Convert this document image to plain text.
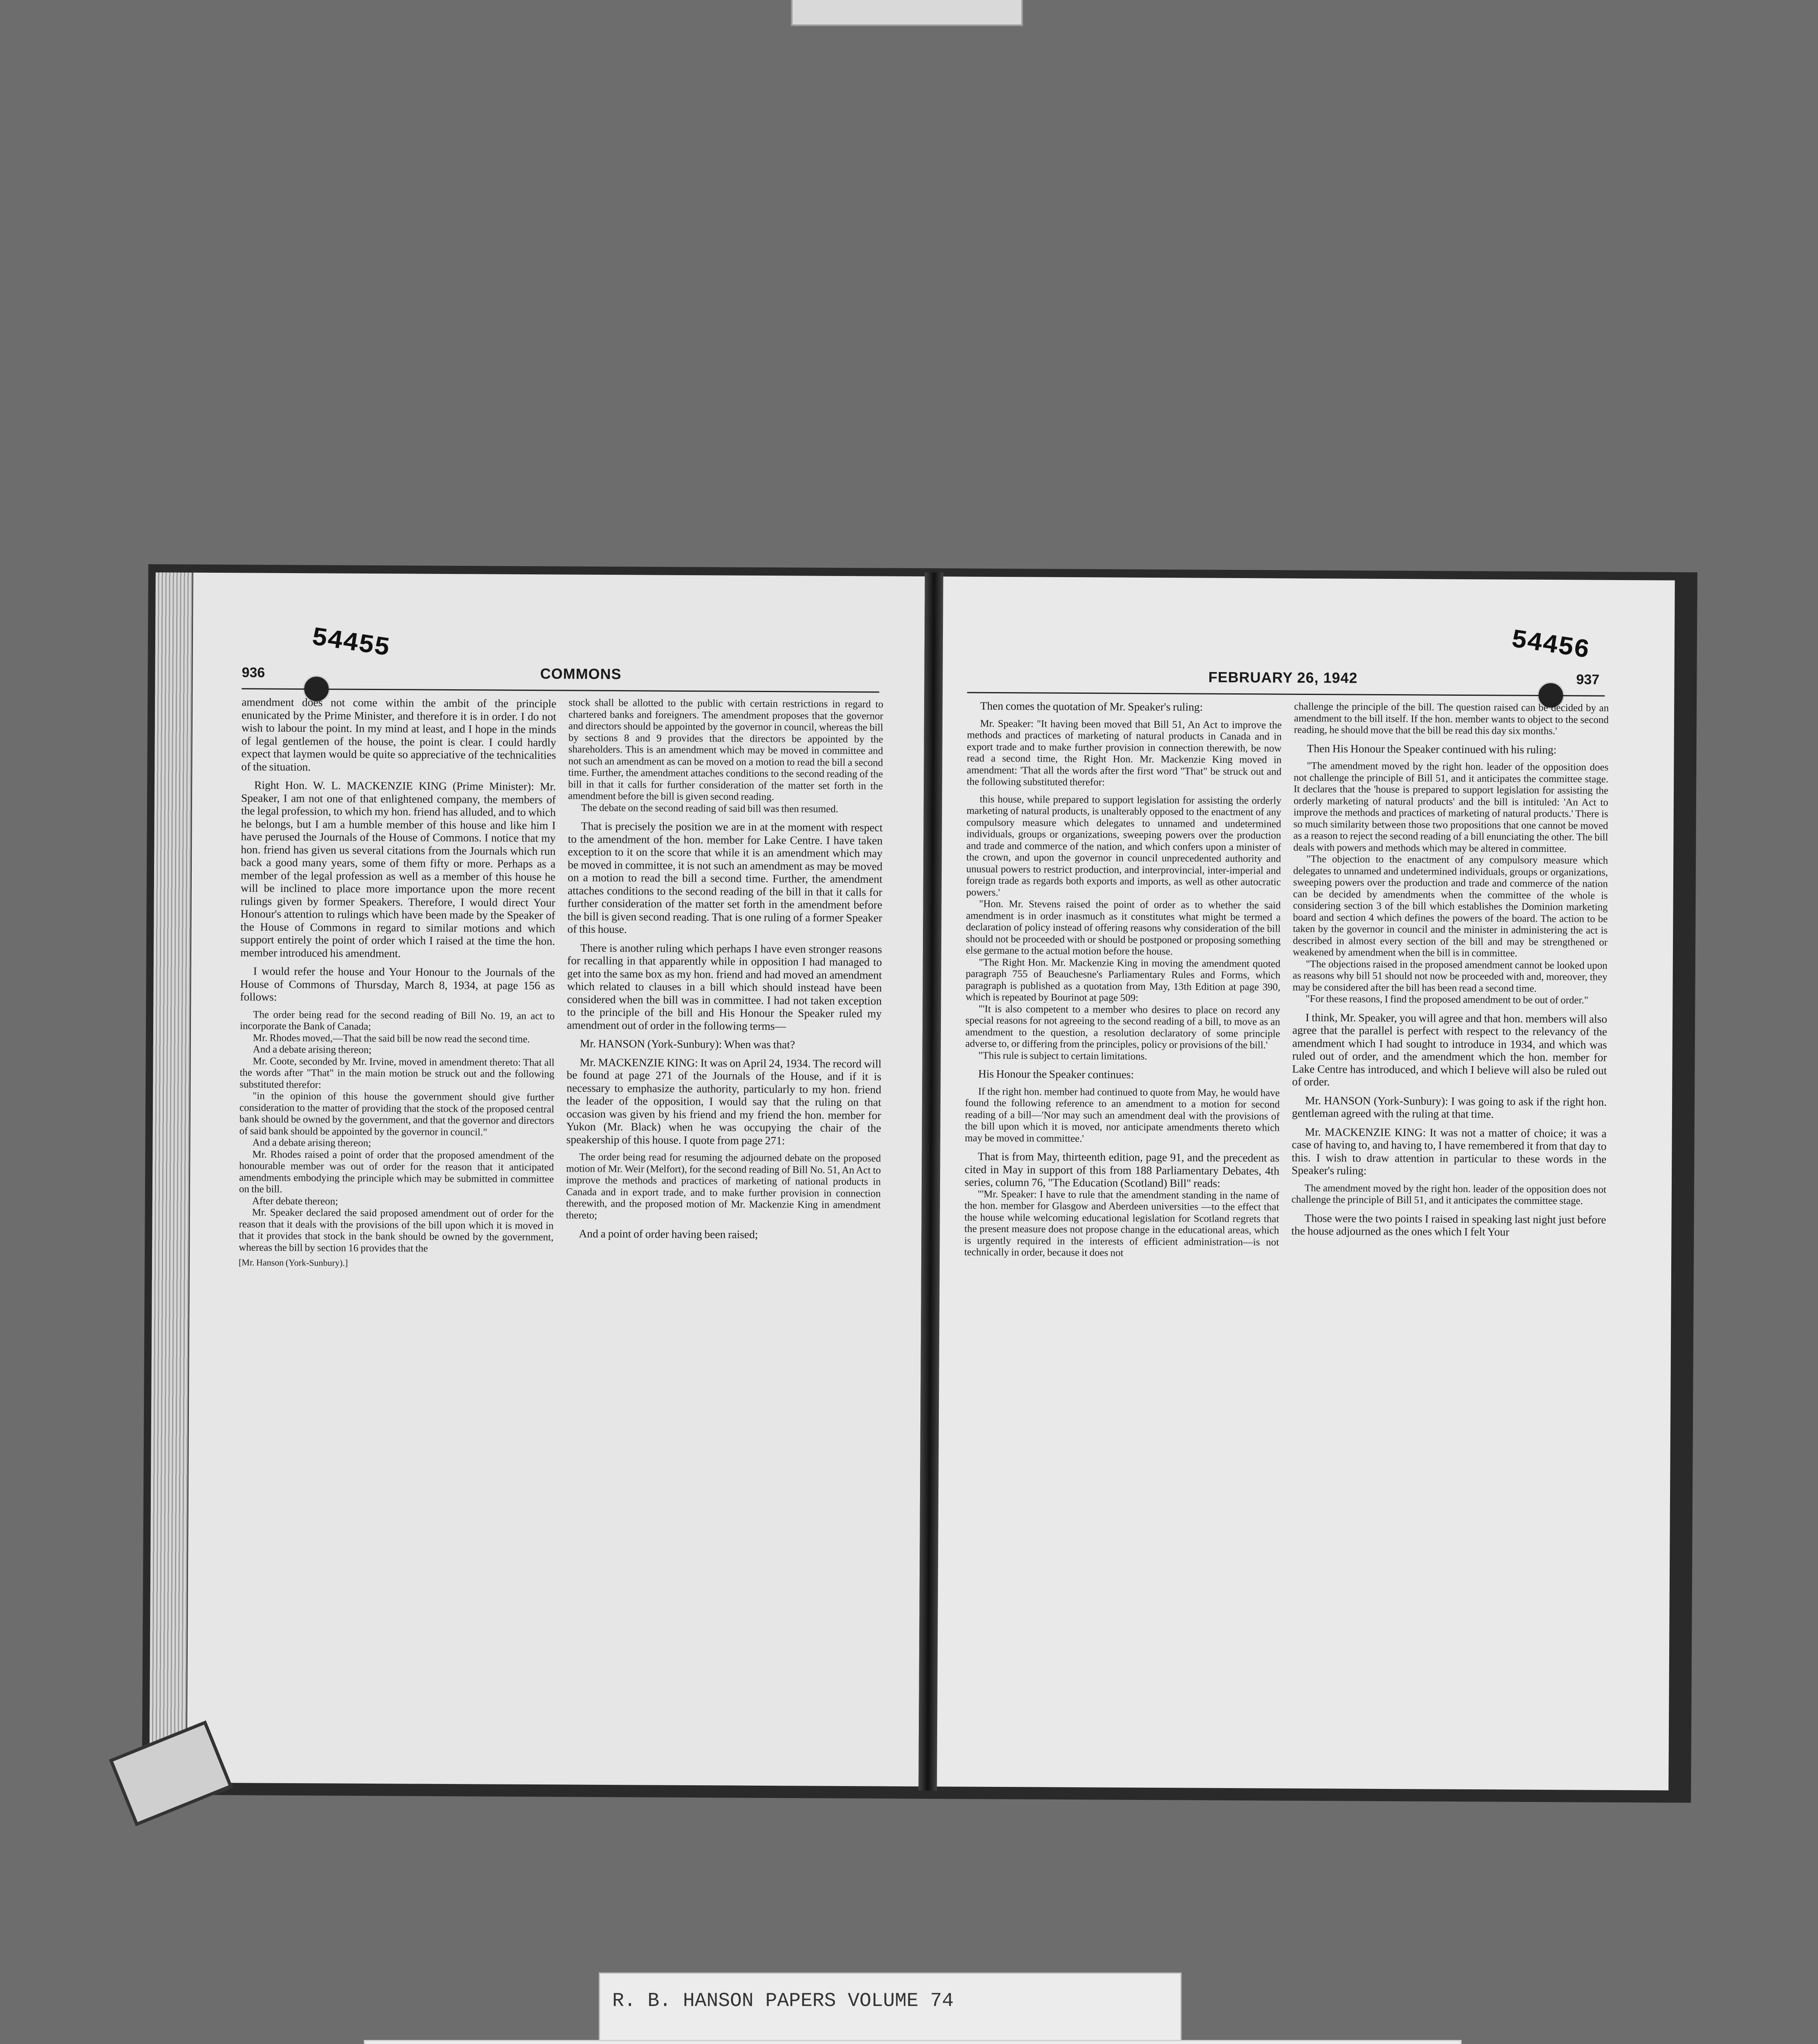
54455
936	COMMONS

amendment does not come within the ambit of the principle enunicated by the Prime Minister, and therefore it is in order. I do not wish to labour the point. In my mind at least, and I hope in the minds of legal gentlemen of the house, the point is clear. I could hardly expect that laymen would be quite so appreciative of the technicalities of the situation.

Right Hon. W. L. MACKENZIE KING (Prime Minister): Mr. Speaker, I am not one of that enlightened company, the members of the legal profession, to which my hon. friend has alluded, and to which he belongs, but I am a humble member of this house and like him I have perused the Journals of the House of Commons. I notice that my hon. friend has given us several citations from the Journals which run back a good many years, some of them fifty or more. Perhaps as a member of the legal profession as well as a member of this house he will be inclined to place more importance upon the more recent rulings given by former Speakers. Therefore, I would direct Your Honour's attention to rulings which have been made by the Speaker of the House of Commons in regard to similar motions and which support entirely the point of order which I raised at the time the hon. member introduced his amendment.

I would refer the house and Your Honour to the Journals of the House of Commons of Thursday, March 8, 1934, at page 156 as follows:

The order being read for the second reading of Bill No. 19, an act to incorporate the Bank of Canada;

Mr. Rhodes moved,—That the said bill be now read the second time.

And a debate arising thereon;

Mr. Coote, seconded by Mr. Irvine, moved in amendment thereto: That all the words after "That" in the main motion be struck out and the following substituted therefor:

"in the opinion of this house the government should give further consideration to the matter of providing that the stock of the proposed central bank should be owned by the government, and that the governor and directors of said bank should be appointed by the governor in council."

And a debate arising thereon;

Mr. Rhodes raised a point of order that the proposed amendment of the honourable member was out of order for the reason that it anticipated amendments embodying the principle which may be submitted in committee on the bill.

After debate thereon;

Mr. Speaker declared the said proposed amendment out of order for the reason that it deals with the provisions of the bill upon which it is moved in that it provides that stock in the bank should be owned by the government, whereas the bill by section 16 provides that the

[Mr. Hanson (York-Sunbury).]

stock shall be allotted to the public with certain restrictions in regard to chartered banks and foreigners. The amendment proposes that the governor and directors should be appointed by the governor in council, whereas the bill by sections 8 and 9 provides that the directors be appointed by the shareholders. This is an amendment which may be moved in committee and not such an amendment as can be moved on a motion to read the bill a second time. Further, the amendment attaches conditions to the second reading of the bill in that it calls for further consideration of the matter set forth in the amendment before the bill is given second reading.

The debate on the second reading of said bill was then resumed.

That is precisely the position we are in at the moment with respect to the amendment of the hon. member for Lake Centre. I have taken exception to it on the score that while it is an amendment which may be moved in committee, it is not such an amendment as may be moved on a motion to read the bill a second time. Further, the amendment attaches conditions to the second reading of the bill in that it calls for further consideration of the matter set forth in the amendment before the bill is given second reading. That is one ruling of a former Speaker of this house.

There is another ruling which perhaps I have even stronger reasons for recalling in that apparently while in opposition I had managed to get into the same box as my hon. friend and had moved an amendment which related to clauses in a bill which should instead have been considered when the bill was in committee. I had not taken exception to the principle of the bill and His Honour the Speaker ruled my amendment out of order in the following terms—

Mr. HANSON (York-Sunbury): When was that?

Mr. MACKENZIE KING: It was on April 24, 1934. The record will be found at page 271 of the Journals of the House, and if it is necessary to emphasize the authority, particularly to my hon. friend the leader of the opposition, I would say that the ruling on that occasion was given by his friend and my friend the hon. member for Yukon (Mr. Black) when he was occupying the chair of the speakership of this house. I quote from page 271:

The order being read for resuming the adjourned debate on the proposed motion of Mr. Weir (Melfort), for the second reading of Bill No. 51, An Act to improve the methods and practices of marketing of national products in Canada and in export trade, and to make further provision in connection therewith, and the proposed motion of Mr. Mackenzie King in amendment thereto;

And a point of order having been raised;

54456
FEBRUARY 26, 1942	937

Then comes the quotation of Mr. Speaker's ruling:

Mr. Speaker: "It having been moved that Bill 51, An Act to improve the methods and practices of marketing of natural products in Canada and in export trade and to make further provision in connection therewith, be now read a second time, the Right Hon. Mr. Mackenzie King moved in amendment: 'That all the words after the first word "That" be struck out and the following substituted therefor:

this house, while prepared to support legislation for assisting the orderly marketing of natural products, is unalterably opposed to the enactment of any compulsory measure which delegates to unnamed and undetermined individuals, groups or organizations, sweeping powers over the production and trade and commerce of the nation, and which confers upon a minister of the crown, and upon the governor in council unprecedented authority and unusual powers to restrict production, and interprovincial, inter-imperial and foreign trade as regards both exports and imports, as well as other autocratic powers.'

"Hon. Mr. Stevens raised the point of order as to whether the said amendment is in order inasmuch as it constitutes what might be termed a declaration of policy instead of offering reasons why consideration of the bill should not be proceeded with or should be postponed or proposing something else germane to the actual motion before the house.

"The Right Hon. Mr. Mackenzie King in moving the amendment quoted paragraph 755 of Beauchesne's Parliamentary Rules and Forms, which paragraph is published as a quotation from May, 13th Edition at page 390, which is repeated by Bourinot at page 509:

"'It is also competent to a member who desires to place on record any special reasons for not agreeing to the second reading of a bill, to move as an amendment to the question, a resolution declaratory of some principle adverse to, or differing from the principles, policy or provisions of the bill.'

"This rule is subject to certain limitations.

His Honour the Speaker continues:

If the right hon. member had continued to quote from May, he would have found the following reference to an amendment to a motion for second reading of a bill—'Nor may such an amendment deal with the provisions of the bill upon which it is moved, nor anticipate amendments thereto which may be moved in committee.'

That is from May, thirteenth edition, page 91, and the precedent as cited in May in support of this from 188 Parliamentary Debates, 4th series, column 76, "The Education (Scotland) Bill" reads:

"'Mr. Speaker: I have to rule that the amendment standing in the name of the hon. member for Glasgow and Aberdeen universities —to the effect that the house while welcoming educational legislation for Scotland regrets that the present measure does not propose change in the educational areas, which is urgently required in the interests of efficient administration—is not technically in order, because it does not

challenge the principle of the bill. The question raised can be decided by an amendment to the bill itself. If the hon. member wants to object to the second reading, he should move that the bill be read this day six months.'

Then His Honour the Speaker continued with his ruling:

"The amendment moved by the right hon. leader of the opposition does not challenge the principle of Bill 51, and it anticipates the committee stage. It declares that the 'house is prepared to support legislation for assisting the orderly marketing of natural products' and the bill is intituled: 'An Act to improve the methods and practices of marketing of natural products.' There is so much similarity between those two propositions that one cannot be moved as a reason to reject the second reading of a bill enunciating the other. The bill deals with powers and methods which may be altered in committee.

"The objection to the enactment of any compulsory measure which delegates to unnamed and undetermined individuals, groups or organizations, sweeping powers over the production and trade and commerce of the nation can be decided by amendments when the committee of the whole is considering section 3 of the bill which establishes the Dominion marketing board and section 4 which defines the powers of the board. The action to be taken by the governor in council and the minister in administering the act is described in almost every section of the bill and may be strengthened or weakened by amendment when the bill is in committee.

"The objections raised in the proposed amendment cannot be looked upon as reasons why bill 51 should not now be proceeded with and, moreover, they may be considered after the bill has been read a second time.

"For these reasons, I find the proposed amendment to be out of order."

I think, Mr. Speaker, you will agree and that hon. members will also agree that the parallel is perfect with respect to the relevancy of the amendment which I had sought to introduce in 1934, and which was ruled out of order, and the amendment which the hon. member for Lake Centre has introduced, and which I believe will also be ruled out of order.

Mr. HANSON (York-Sunbury): I was going to ask if the right hon. gentleman agreed with the ruling at that time.

Mr. MACKENZIE KING: It was not a matter of choice; it was a case of having to, and having to, I have remembered it from that day to this. I wish to draw attention in particular to these words in the Speaker's ruling:

The amendment moved by the right hon. leader of the opposition does not challenge the principle of Bill 51, and it anticipates the committee stage.

Those were the two points I raised in speaking last night just before the house adjourned as the ones which I felt Your

R. B. HANSON PAPERS VOLUME 74
